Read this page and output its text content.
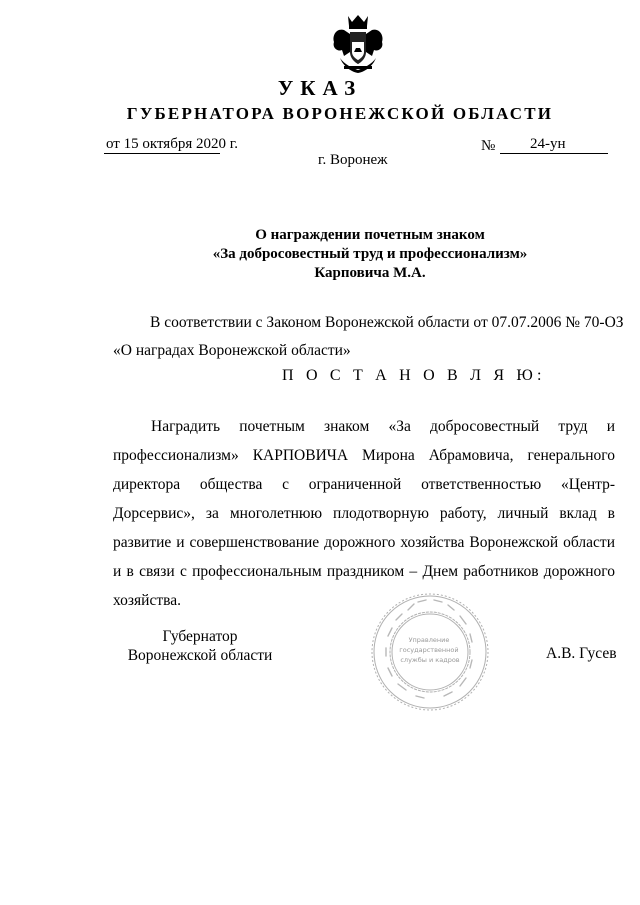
УКАЗ
ГУБЕРНАТОРА ВОРОНЕЖСКОЙ ОБЛАСТИ
от 15 октября 2020 г.	№ 24-ун
г. Воронеж
О награждении почетным знаком
«За добросовестный труд и профессионализм»
Карповича М.А.
В соответствии с Законом Воронежской области от 07.07.2006 № 70-ОЗ
«О наградах Воронежской области»
П О С Т А Н О В Л Я Ю:
Наградить почетным знаком «За добросовестный труд и профессионализм» КАРПОВИЧА Мирона Абрамовича, генерального директора общества с ограниченной ответственностью «Центр-Дорсервис», за многолетнюю плодотворную работу, личный вклад в развитие и совершенствование дорожного хозяйства Воронежской области и в связи с профессиональным праздником – Днем работников дорожного хозяйства.
Управление государственной службы и кадров
Губернатор
Воронежской области	А.В. Гусев
